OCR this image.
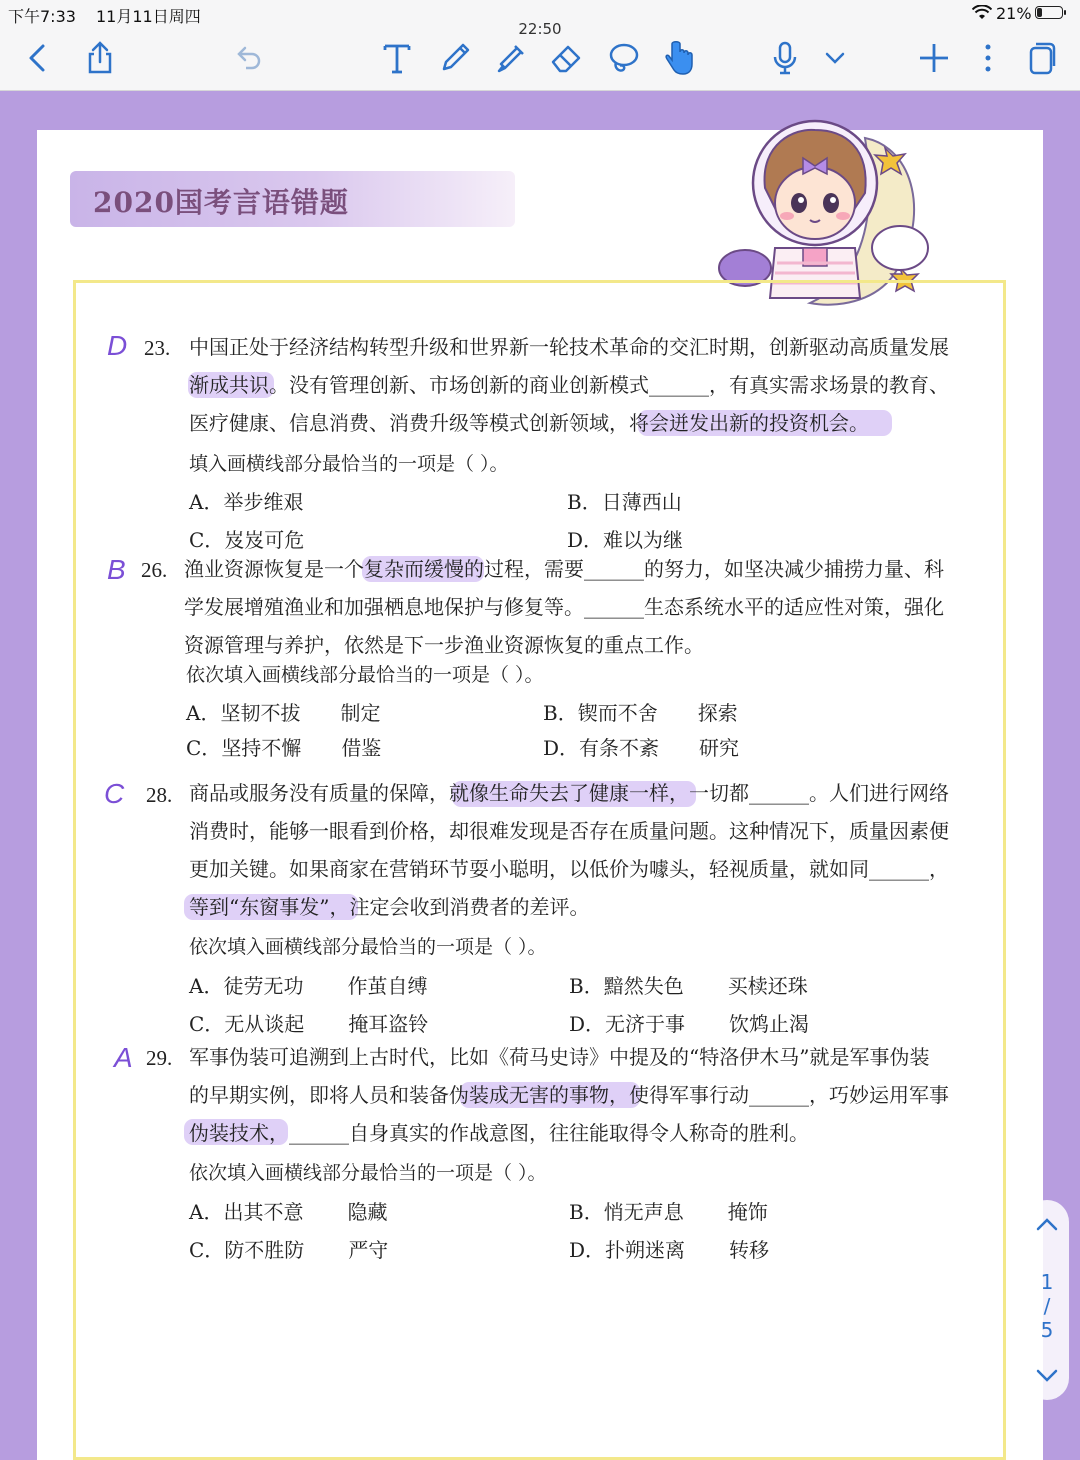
下午7:33 11月11日周四	21%
22:50
2020国考言语错题
D 23. 中国正处于经济结构转型升级和世界新一轮技术革命的交汇时期，创新驱动高质量发展
渐成共识。没有管理创新、市场创新的商业创新模式______，有真实需求场景的教育、
医疗健康、信息消费、消费升级等模式创新领域，将会迸发出新的投资机会。
填入画横线部分最恰当的一项是（ ）。
A．举步维艰	B．日薄西山
C．岌岌可危	D．难以为继
B 26. 渔业资源恢复是一个复杂而缓慢的过程，需要______的努力，如坚决减少捕捞力量、科
学发展增殖渔业和加强栖息地保护与修复等。______生态系统水平的适应性对策，强化
资源管理与养护，依然是下一步渔业资源恢复的重点工作。
依次填入画横线部分最恰当的一项是（ ）。
A．坚韧不拔 制定	B．锲而不舍 探索
C．坚持不懈 借鉴	D．有条不紊 研究
C 28. 商品或服务没有质量的保障，就像生命失去了健康一样，一切都______。人们进行网络
消费时，能够一眼看到价格，却很难发现是否存在质量问题。这种情况下，质量因素便
更加关键。如果商家在营销环节耍小聪明，以低价为噱头，轻视质量，就如同______，
等到“东窗事发”，注定会收到消费者的差评。
依次填入画横线部分最恰当的一项是（ ）。
A．徒劳无功 作茧自缚	B．黯然失色 买椟还珠
C．无从谈起 掩耳盗铃	D．无济于事 饮鸩止渴
A 29. 军事伪装可追溯到上古时代，比如《荷马史诗》中提及的“特洛伊木马”就是军事伪装
的早期实例，即将人员和装备伪装成无害的事物，使得军事行动______，巧妙运用军事
伪装技术，______自身真实的作战意图，往往能取得令人称奇的胜利。
依次填入画横线部分最恰当的一项是（ ）。
A．出其不意 隐藏	B．悄无声息 掩饰
C．防不胜防 严守	D．扑朔迷离 转移
1
/
5
